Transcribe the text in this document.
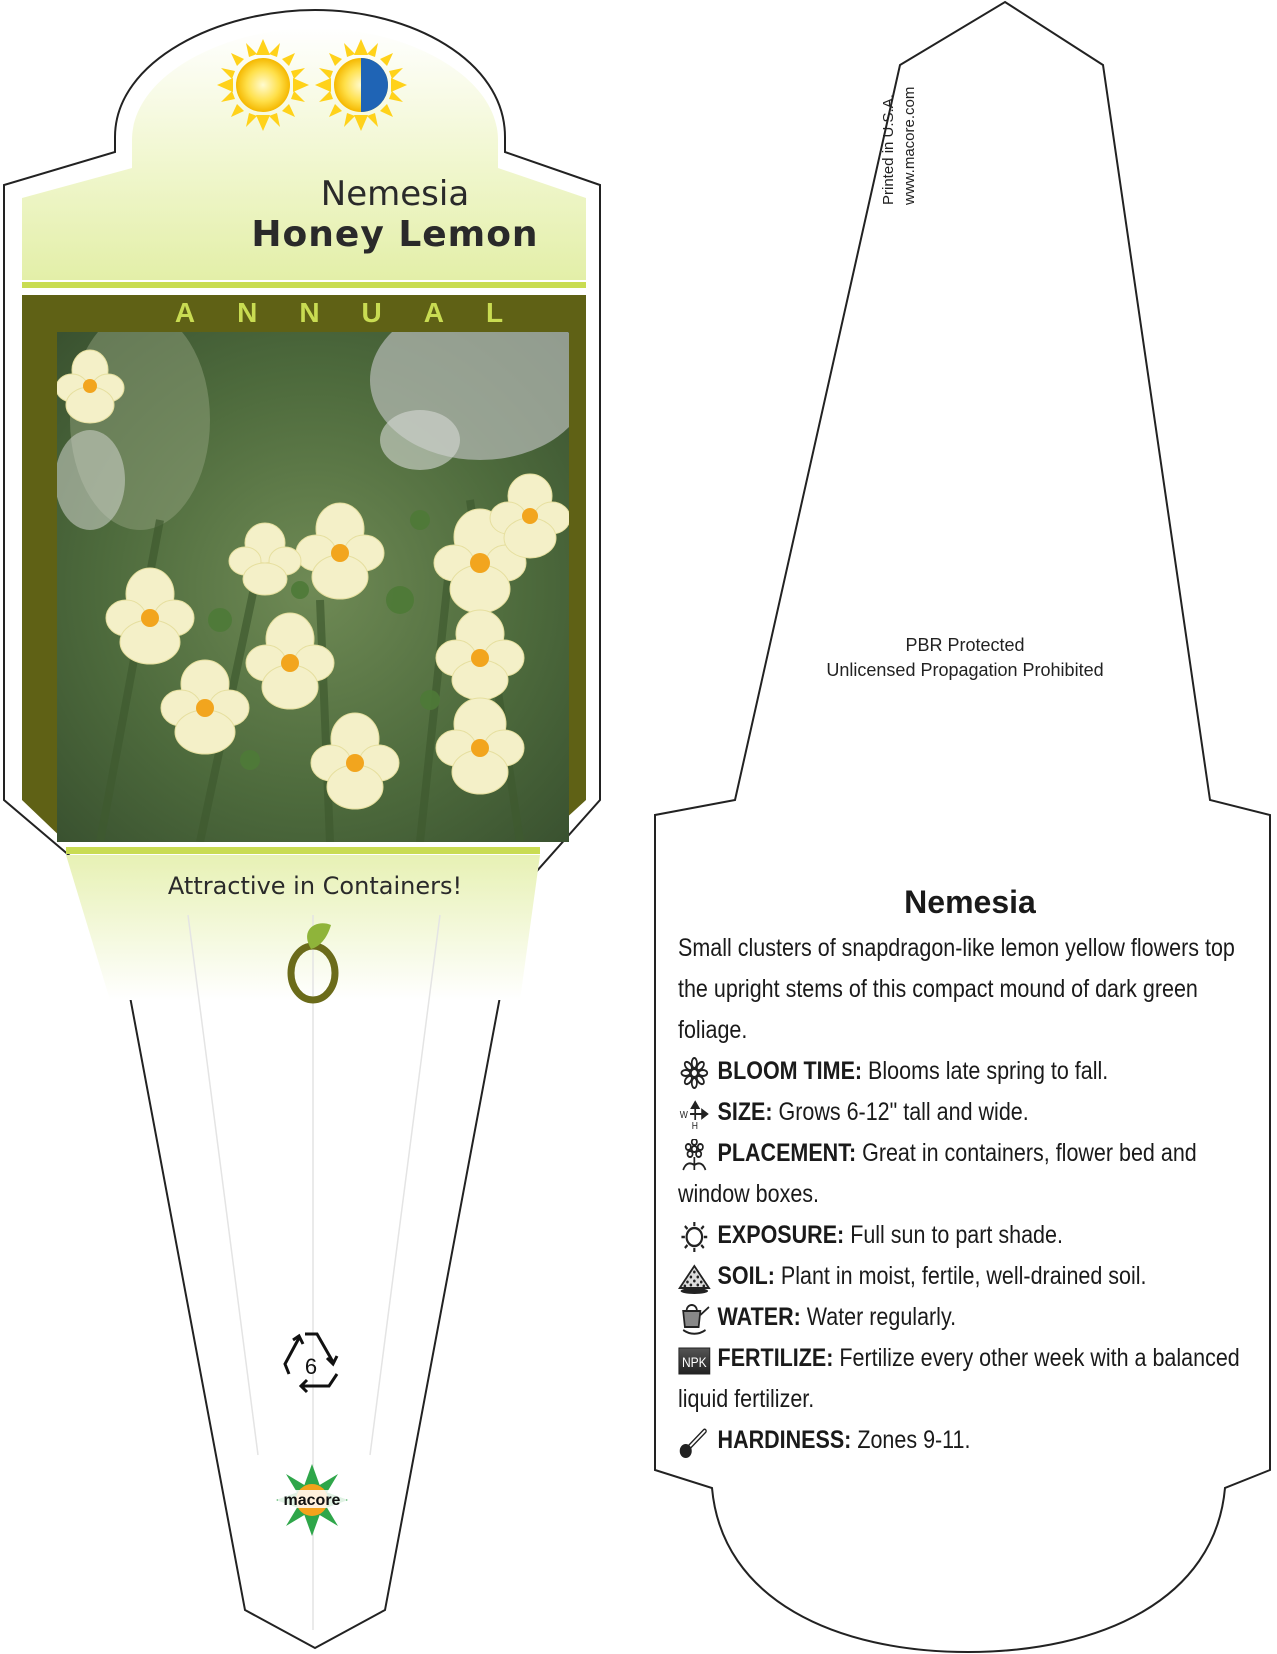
Nemesia
Honey Lemon
ANNUAL
Attractive in Containers!
6
macore
Printed in U.S.A. www.macore.com
PBR Protected
Unlicensed Propagation Prohibited
Nemesia

Small clusters of snapdragon-like lemon yellow flowers top the upright stems of this compact mound of dark green foliage.

BLOOM TIME: Blooms late spring to fall.

W
H SIZE: Grows 6-12" tall and wide.

PLACEMENT: Great in containers, flower bed and window boxes.

EXPOSURE: Full sun to part shade.

SOIL: Plant in moist, fertile, well-drained soil.

WATER: Water regularly.

NPK FERTILIZE: Fertilize every other week with a balanced liquid fertilizer.

HARDINESS: Zones 9-11.
